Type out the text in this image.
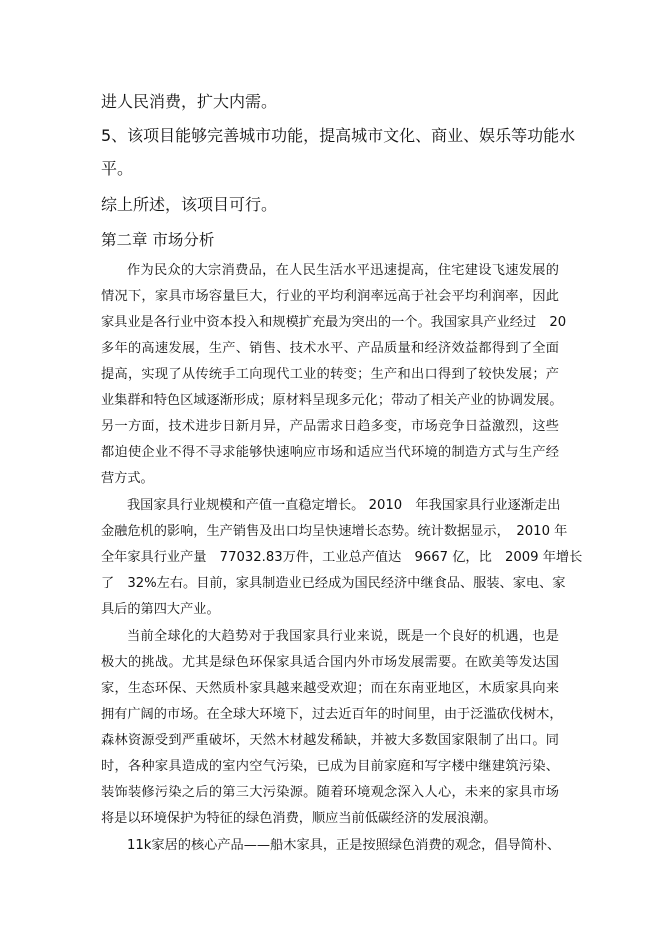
进人民消费，扩大内需。
5、该项目能够完善城市功能，提高城市文化、商业、娱乐等功能水
平。
综上所述，该项目可行。
第二章 市场分析
作为民众的大宗消费品，在人民生活水平迅速提高，住宅建设飞速发展的
情况下，家具市场容量巨大，行业的平均利润率远高于社会平均利润率，因此
家具业是各行业中资本投入和规模扩充最为突出的一个。我国家具产业经过　20
多年的高速发展，生产、销售、技术水平、产品质量和经济效益都得到了全面
提高，实现了从传统手工向现代工业的转变；生产和出口得到了较快发展；产
业集群和特色区域逐渐形成；原材料呈现多元化；带动了相关产业的协调发展。
另一方面，技术进步日新月异，产品需求日趋多变，市场竞争日益激烈，这些
都迫使企业不得不寻求能够快速响应市场和适应当代环境的制造方式与生产经
营方式。
我国家具行业规模和产值一直稳定增长。 2010　年我国家具行业逐渐走出
金融危机的影响，生产销售及出口均呈快速增长态势。统计数据显示，　2010 年
全年家具行业产量　77032.83万件，工业总产值达　9667 亿，比　2009 年增长
了　32%左右。目前，家具制造业已经成为国民经济中继食品、服装、家电、家
具后的第四大产业。
当前全球化的大趋势对于我国家具行业来说，既是一个良好的机遇，也是
极大的挑战。尤其是绿色环保家具适合国内外市场发展需要。在欧美等发达国
家，生态环保、天然质朴家具越来越受欢迎；而在东南亚地区，木质家具向来
拥有广阔的市场。在全球大环境下，过去近百年的时间里，由于泛滥砍伐树木，
森林资源受到严重破坏，天然木材越发稀缺，并被大多数国家限制了出口。同
时，各种家具造成的室内空气污染，已成为目前家庭和写字楼中继建筑污染、
装饰装修污染之后的第三大污染源。随着环境观念深入人心，未来的家具市场
将是以环境保护为特征的绿色消费，顺应当前低碳经济的发展浪潮。
11k家居的核心产品——船木家具，正是按照绿色消费的观念，倡导简朴、
